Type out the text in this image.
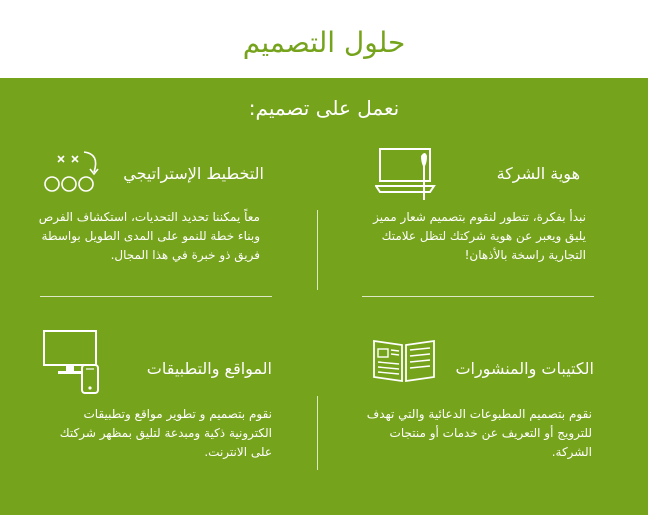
حلول التصميم
نعمل على تصميم:
هوية الشركة
نبدأ بفكرة، تتطور لنقوم بتصميم شعار مميز يليق ويعبر عن هوية شركتك لتظل علامتك التجارية راسخة بالأذهان!
التخطيط الإستراتيجي
معاً يمكننا تحديد التحديات، استكشاف الفرص وبناء خطة للنمو على المدى الطويل بواسطة فريق ذو خبرة في هذا المجال.
الكتيبات والمنشورات
نقوم بتصميم المطبوعات الدعائية والتي تهدف للترويج أو التعريف عن خدمات أو منتجات الشركة.
المواقع والتطبيقات
نقوم بتصميم و تطوير مواقع وتطبيقات الكترونية ذكية ومبدعة لتليق بمظهر شركتك على الانترنت.
